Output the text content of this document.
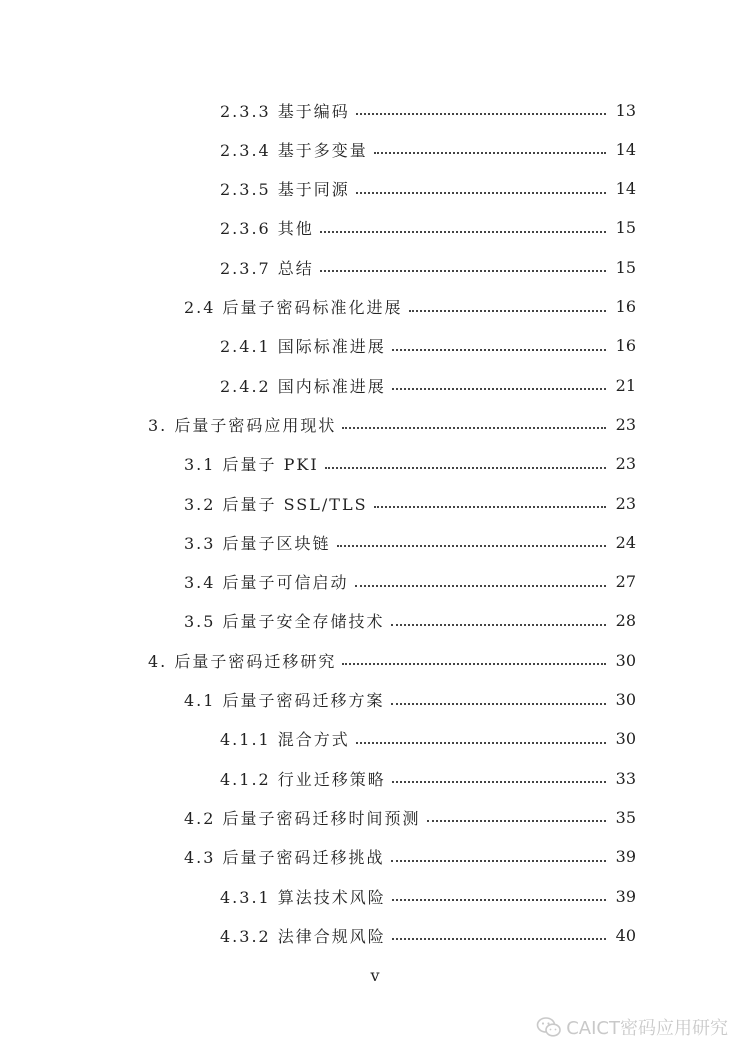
2.3.3 基于编码	13
2.3.4 基于多变量	14
2.3.5 基于同源	14
2.3.6 其他	15
2.3.7 总结	15
2.4 后量子密码标准化进展	16
2.4.1 国际标准进展	16
2.4.2 国内标准进展	21
3. 后量子密码应用现状	23
3.1 后量子 PKI	23
3.2 后量子 SSL/TLS	23
3.3 后量子区块链	24
3.4 后量子可信启动	27
3.5 后量子安全存储技术	28
4. 后量子密码迁移研究	30
4.1 后量子密码迁移方案	30
4.1.1 混合方式	30
4.1.2 行业迁移策略	33
4.2 后量子密码迁移时间预测	35
4.3 后量子密码迁移挑战	39
4.3.1 算法技术风险	39
4.3.2 法律合规风险	40
v
CAICT密码应用研究
